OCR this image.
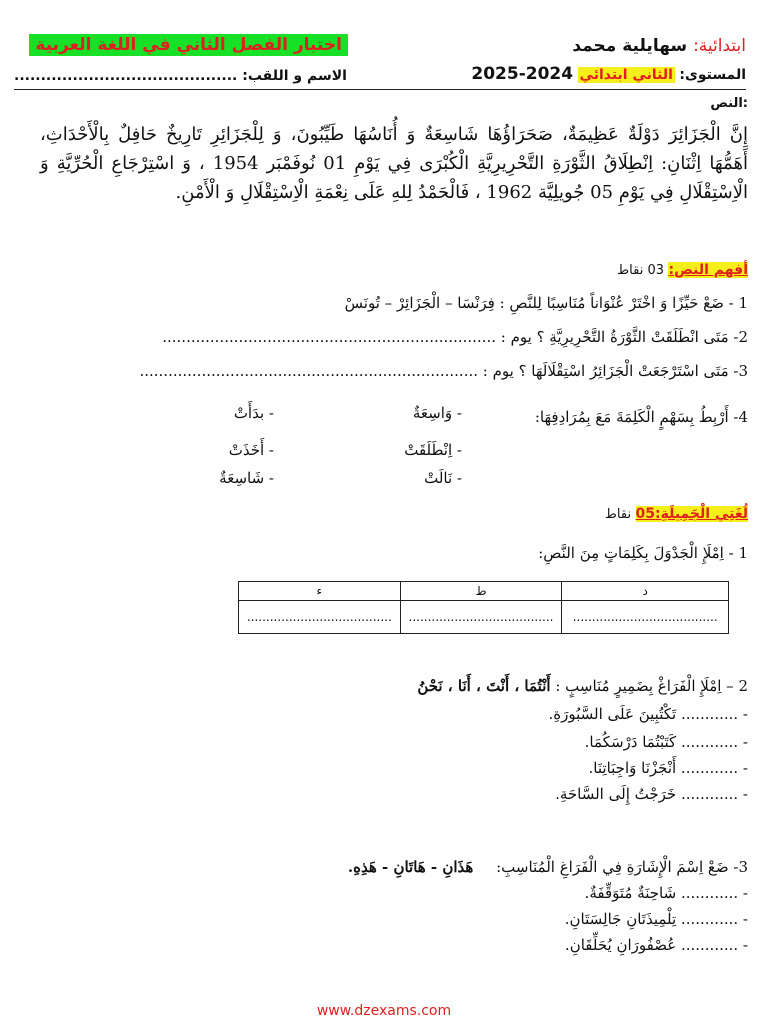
اختبار الفصل الثاني في اللغة العربية	ابتدائية: سهايلية محمد
الاسم و اللقب: ..........................................	المستوى: الثاني ابتدائي 2024-2025
النص:
إِنَّ الْجَزَائِرَ دَوْلَةٌ عَظِيمَةٌ، صَحَرَاؤُهَا شَاسِعَةٌ وَ أُنَاسُهَا طَيِّبُونَ، وَ لِلْجَزَائِرِ تَارِيخٌ حَافِلٌ بِالْأَحْدَاثِ، أَهَمُّهَا اِثْنَانِ: اِنْطِلَاقُ الثَّوْرَةِ التَّحْرِيرِيَّةِ الْكُبْرَى فِي يَوْمِ 01 نُوفَمْبَر 1954 ، وَ اسْتِرْجَاعِ الْحُرِّيَّةِ وَ الْاِسْتِقْلَالِ فِي يَوْمِ 05 جُويلِيَّة 1962 ، فَالْحَمْدُ لِلهِ عَلَى نِعْمَةِ الْاِسْتِقْلَالِ وَ الْأَمْنِ.
أفهم النص: 03 نقاط
1 - ضَعْ حَيِّزًا وَ اخْتَرْ عُنْوَاناً مُنَاسِبًا لِلنَّصِ : فِرَنْسَا – الْجَزَائِرْ – تُونَسْ
2- مَتَى انْطَلَقَتْ الثَّوْرَةُ التَّحْرِيرِيَّةِ ؟ يوم : ......................................................................
3- مَتَى اسْتَرْجَعَتْ الْجَزَائِرُ اسْتِقْلَالَهَا ؟ يوم : .......................................................................
4- أَرْبِطُ بِسَهْمٍ الْكَلِمَةَ مَعَ بِمُرَادِفِهَا:
- وَاسِعَةٌ
- اِنْطَلَقَتْ
- نَالَتْ
- بدَأَتْ
- أَخَذَتْ
- شَاسِعَةٌ
لُغَتِي الْجَمِيلَةِ:05 نقاط
1 - اِمْلَإِ الْجَدْوَلَ بِكَلِمَاتٍ مِنَ النَّصِ:
ء	ط	د
......................................	......................................	......................................
2 – اِمْلَإِ الْفَرَاغْ بِضَمِيرٍ مُنَاسِبٍ : أَنْتُمَا ، أَنْتَ ، أَنَا ، نَحْنُ
- ............ تَكْتُبِينَ عَلَى السَّبُورَةِ.
- ............ كَتَبْتُمَا دَرْسَكُمَا.
- ............ أَنْجَزْنَا وَاجِبَاتِنَا.
- ............ خَرَجْتُ إِلَى السَّاحَةِ.
3- ضَعْ اِسْمَ الْإِشَارَةِ فِي الْفَرَاغِ الْمُنَاسِبِ: هَذَانِ - هَاتَانِ - هَذِهِ.
- ............ شَاحِنَةٌ مُتَوَقِّفَةٌ.
- ............ تِلْمِيذَتَانِ جَالِسَتَانِ.
- ............ عُصْفُورَانِ يُحَلِّقَانِ.
www.dzexams.com
